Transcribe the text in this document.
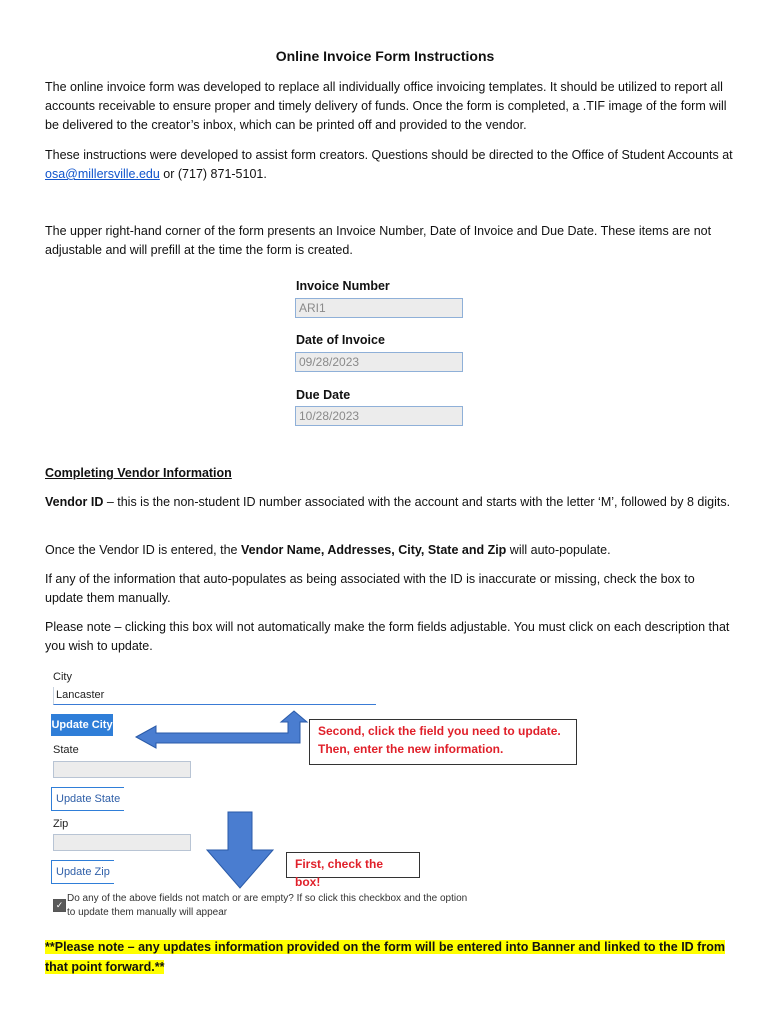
Online Invoice Form Instructions
The online invoice form was developed to replace all individually office invoicing templates. It should be utilized to report all accounts receivable to ensure proper and timely delivery of funds. Once the form is completed, a .TIF image of the form will be delivered to the creator’s inbox, which can be printed off and provided to the vendor.
These instructions were developed to assist form creators. Questions should be directed to the Office of Student Accounts at osa@millersville.edu or (717) 871-5101.
The upper right-hand corner of the form presents an Invoice Number, Date of Invoice and Due Date. These items are not adjustable and will prefill at the time the form is created.
Invoice Number
ARI1
Date of Invoice
09/28/2023
Due Date
10/28/2023
Completing Vendor Information
Vendor ID – this is the non-student ID number associated with the account and starts with the letter ‘M’, followed by 8 digits.
Once the Vendor ID is entered, the Vendor Name, Addresses, City, State and Zip will auto-populate.
If any of the information that auto-populates as being associated with the ID is inaccurate or missing, check the box to update them manually.
Please note – clicking this box will not automatically make the form fields adjustable. You must click on each description that you wish to update.
City
Lancaster
Update City
State
Update State
Zip
Update Zip
✓
Do any of the above fields not match or are empty? If so click this checkbox and the option
to update them manually will appear
Second, click the field you need to update.
Then, enter the new information.
First, check the box!
**Please note – any updates information provided on the form will be entered into Banner and linked to the ID from that point forward.**
